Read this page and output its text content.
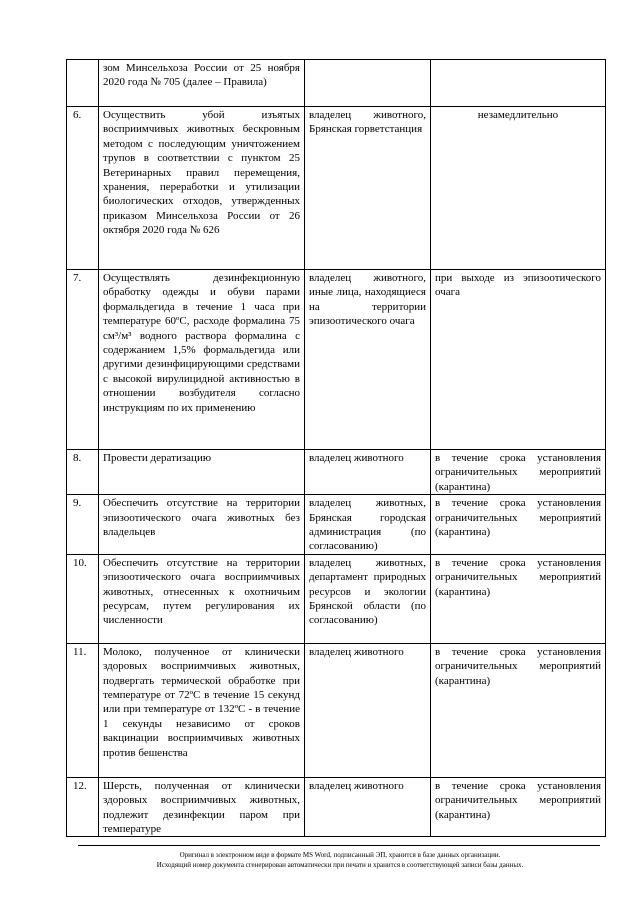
	зом Минсельхоза России от 25 ноября 2020 года № 705 (далее – Правила)		
6.	Осуществить убой изъятых восприимчивых животных бескровным методом с последующим уничтожением трупов в соответствии с пунктом 25 Ветеринарных правил перемещения, хранения, переработки и утилизации биологических отходов, утвержденных приказом Минсельхоза России от 26 октября 2020 года № 626	владелец животного, Брянская горветстанция	незамедлительно
7.	Осуществлять дезинфекционную обработку одежды и обуви парами формальдегида в течение 1 часа при температуре 60ºС, расходе формалина 75 см³/м³ водного раствора формалина с содержанием 1,5% формальдегида или другими дезинфицирующими средствами с высокой вирулицидной активностью в отношении возбудителя согласно инструкциям по их применению	владелец животного, иные лица, находящиеся на территории эпизоотического очага	при выходе из эпизоотического очага
8.	Провести дератизацию	владелец животного	в течение срока установления ограничительных мероприятий (карантина)
9.	Обеспечить отсутствие на территории эпизоотического очага животных без владельцев	владелец животных, Брянская городская администрация (по согласованию)	в течение срока установления ограничительных мероприятий (карантина)
10.	Обеспечить отсутствие на территории эпизоотического очага восприимчивых животных, отнесенных к охотничьим ресурсам, путем регулирования их численности	владелец животных, департамент природных ресурсов и экологии Брянской области (по согласованию)	в течение срока установления ограничительных мероприятий (карантина)
11.	Молоко, полученное от клинически здоровых восприимчивых животных, подвергать термической обработке при температуре от 72ºС в течение 15 секунд или при температуре от 132ºС - в течение 1 секунды независимо от сроков вакцинации восприимчивых животных против бешенства	владелец животного	в течение срока установления ограничительных мероприятий (карантина)
12.	Шерсть, полученная от клинически здоровых восприимчивых животных, подлежит дезинфекции паром при температуре	владелец животного	в течение срока установления ограничительных мероприятий (карантина)
Оригинал в электронном виде в формате MS Word, подписанный ЭП, хранится в базе данных организации.
Исходящий номер документа сгенерирован автоматически при печати и хранится в соответствующей записи базы данных.
